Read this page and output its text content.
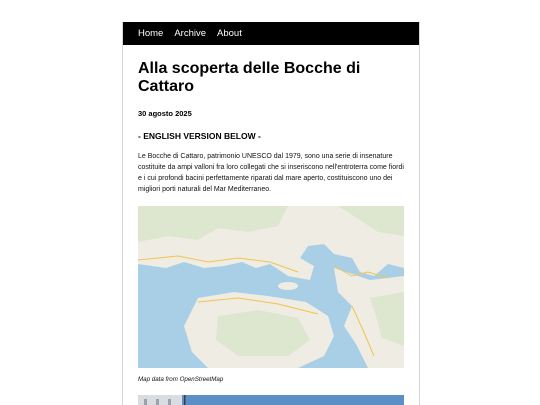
Home Archive About
Alla scoperta delle Bocche di Cattaro
30 agosto 2025
- ENGLISH VERSION BELOW -

Le Bocche di Cattaro, patrimonio UNESCO dal 1979, sono una serie di insenature costituite da ampi valloni fra loro collegati che si inseriscono nell'entroterra come fiordi e i cui profondi bacini perfettamente riparati dal mare aperto, costituiscono uno dei migliori porti naturali del Mar Mediterraneo.

Map data from OpenStreetMap
